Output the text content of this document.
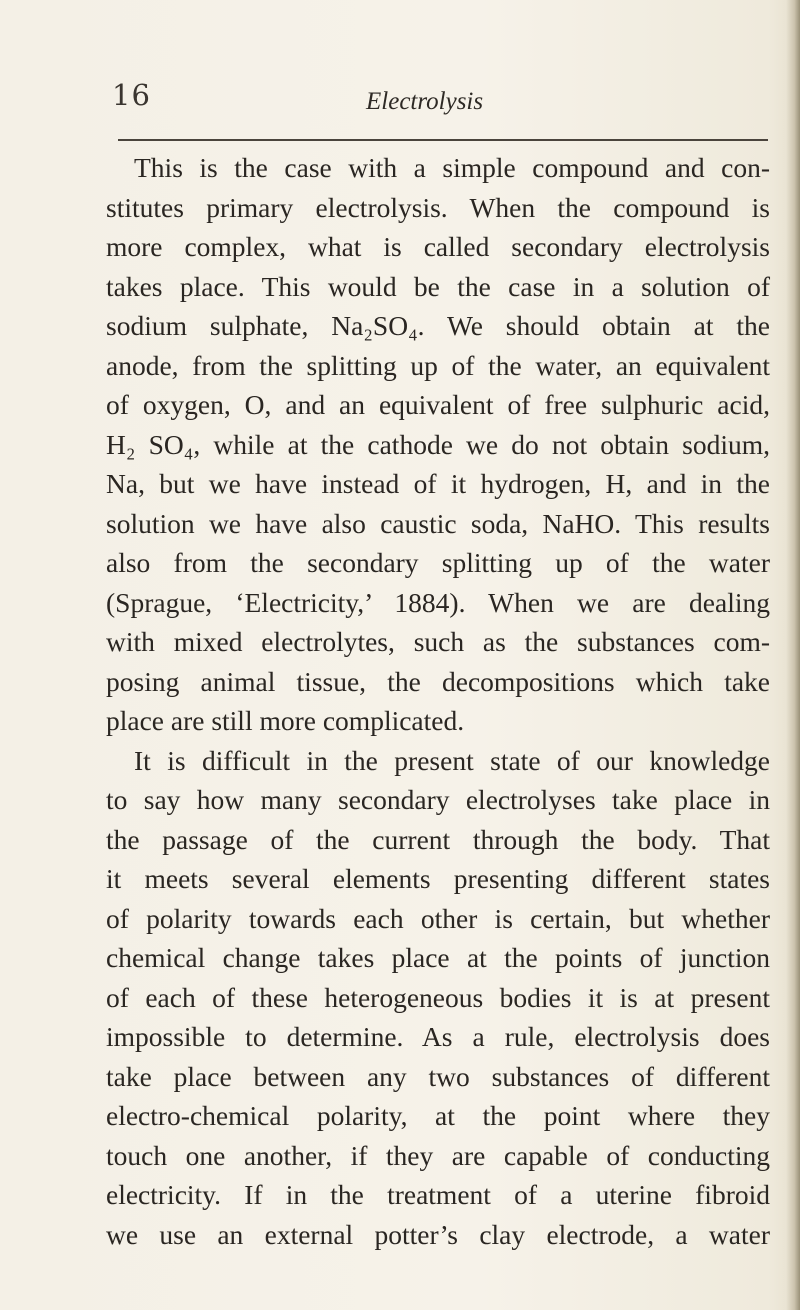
16	Electrolysis
This is the case with a simple compound and con-
stitutes primary electrolysis. When the compound is
more complex, what is called secondary electrolysis
takes place. This would be the case in a solution of
sodium sulphate, Na₂SO₄. We should obtain at the
anode, from the splitting up of the water, an equivalent
of oxygen, O, and an equivalent of free sulphuric acid,
H₂ SO₄, while at the cathode we do not obtain sodium,
Na, but we have instead of it hydrogen, H, and in the
solution we have also caustic soda, NaHO. This results
also from the secondary splitting up of the water
(Sprague, ‘Electricity,’ 1884). When we are dealing
with mixed electrolytes, such as the substances com-
posing animal tissue, the decompositions which take
place are still more complicated.
It is difficult in the present state of our knowledge
to say how many secondary electrolyses take place in
the passage of the current through the body. That
it meets several elements presenting different states
of polarity towards each other is certain, but whether
chemical change takes place at the points of junction
of each of these heterogeneous bodies it is at present
impossible to determine. As a rule, electrolysis does
take place between any two substances of different
electro-chemical polarity, at the point where they
touch one another, if they are capable of conducting
electricity. If in the treatment of a uterine fibroid
we use an external potter’s clay electrode, a water
